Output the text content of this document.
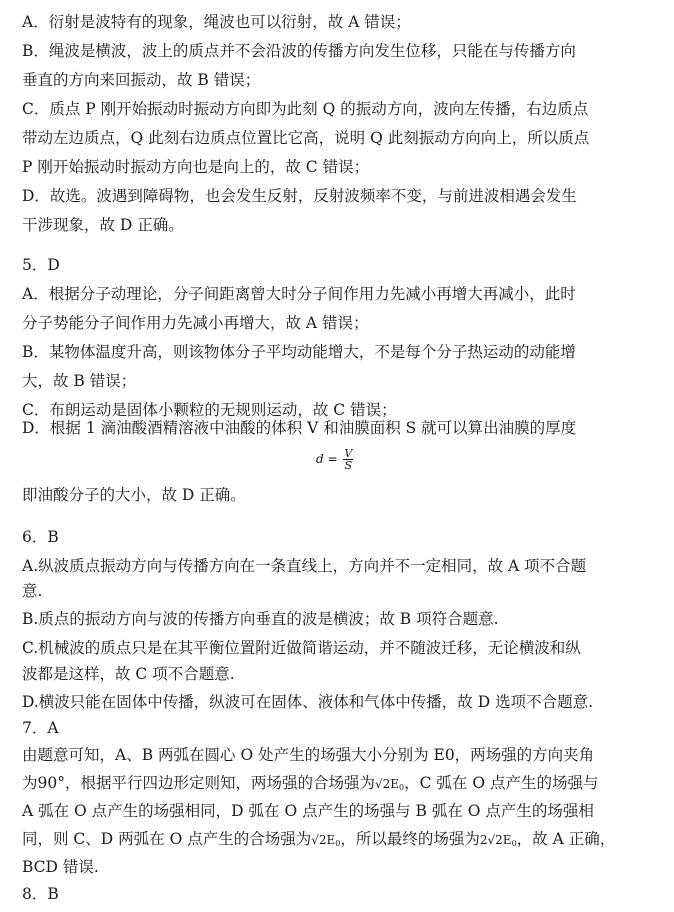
A．衍射是波特有的现象，绳波也可以衍射，故 A 错误；
B．绳波是横波，波上的质点并不会沿波的传播方向发生位移，只能在与传播方向
垂直的方向来回振动，故 B 错误；
C．质点 P 刚开始振动时振动方向即为此刻 Q 的振动方向，波向左传播，右边质点
带动左边质点，Q 此刻右边质点位置比它高，说明 Q 此刻振动方向向上，所以质点
P 刚开始振动时振动方向也是向上的，故 C 错误；
D．故选。波遇到障碍物，也会发生反射，反射波频率不变，与前进波相遇会发生
干涉现象，故 D 正确。
5．D
A．根据分子动理论，分子间距离曾大时分子间作用力先减小再增大再减小，此时
分子势能分子间作用力先减小再增大，故 A 错误；
B．某物体温度升高，则该物体分子平均动能增大，不是每个分子热运动的动能增
大，故 B 错误；
C．布朗运动是固体小颗粒的无规则运动，故 C 错误；
D．根据 1 滴油酸酒精溶液中油酸的体积 V 和油膜面积 S 就可以算出油膜的厚度
$d = \frac{V}{S}$
即油酸分子的大小，故 D 正确。
6．B
A.纵波质点振动方向与传播方向在一条直线上，方向并不一定相同，故 A 项不合题
意.
B.质点的振动方向与波的传播方向垂直的波是横波；故 B 项符合题意.
C.机械波的质点只是在其平衡位置附近做简谐运动，并不随波迁移，无论横波和纵
波都是这样，故 C 项不合题意.
D.横波只能在固体中传播，纵波可在固体、液体和气体中传播，故 D 选项不合题意.
7．A
由题意可知，A、B 两弧在圆心 O 处产生的场强大小分别为 E0，两场强的方向夹角
为90°，根据平行四边形定则知，两场强的合场强为$√2E_0$，C 弧在 O 点产生的场强与
A 弧在 O 点产生的场强相同，D 弧在 O 点产生的场强与 B 弧在 O 点产生的场强相
同，则 C、D 两弧在 O 点产生的合场强为$√2E_0$，所以最终的场强为$2√2E_0$，故 A 正确，
BCD 错误.
8．B
